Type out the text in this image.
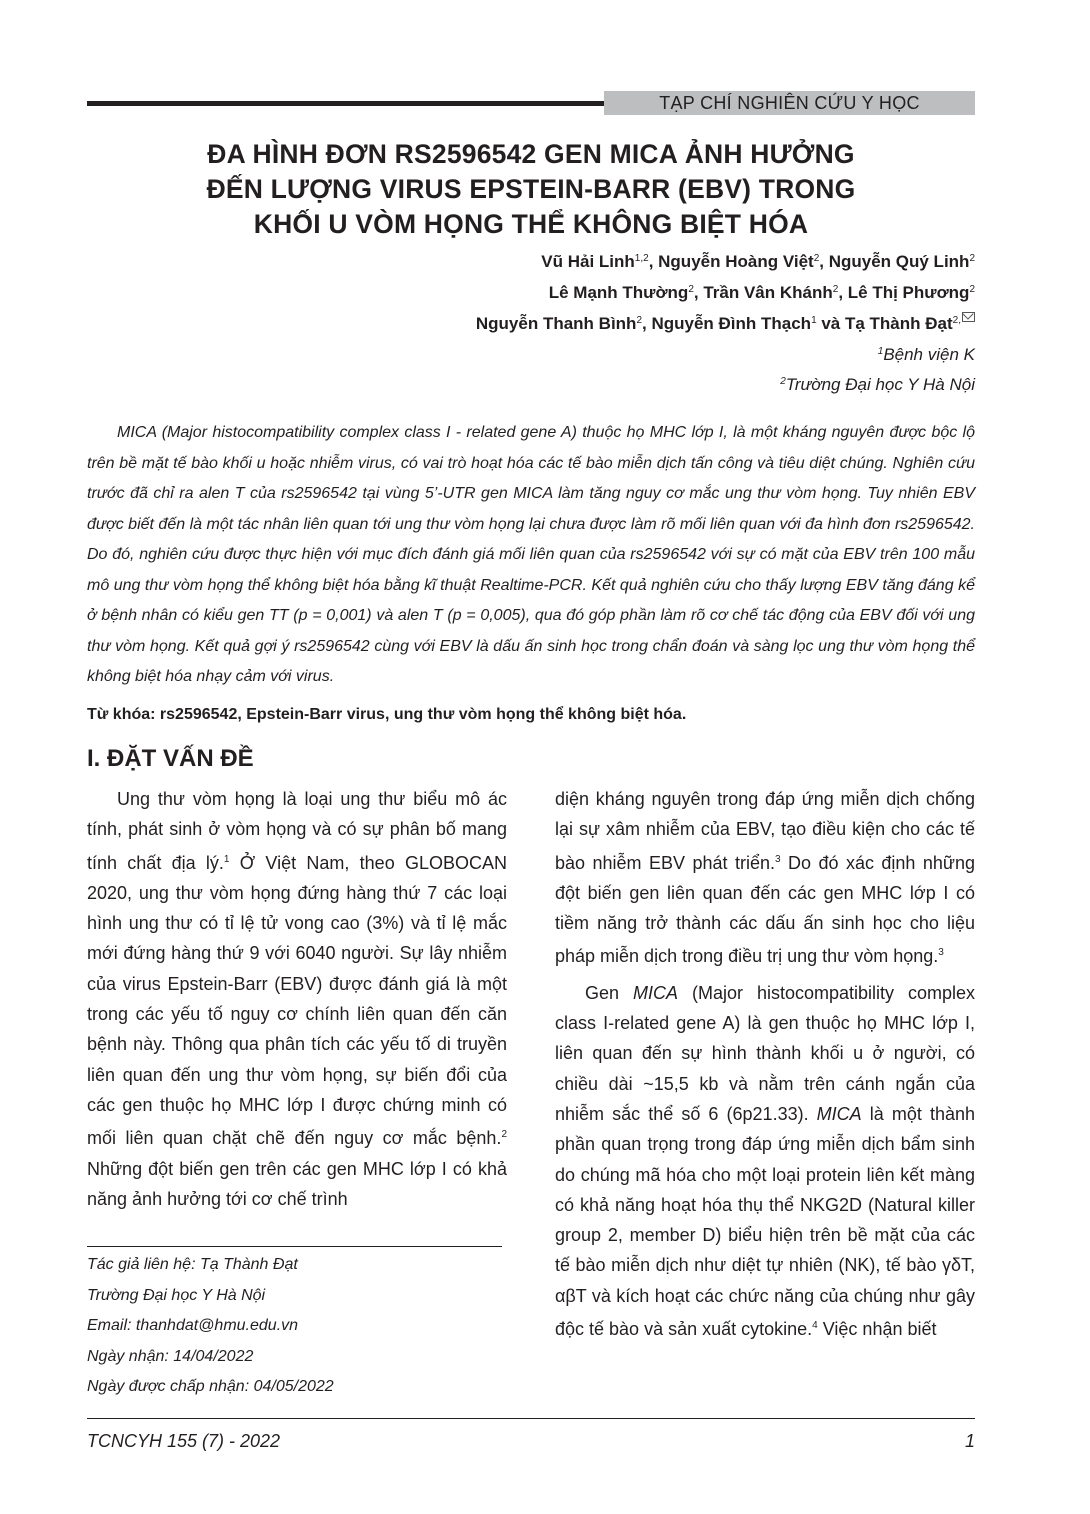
TẠP CHÍ NGHIÊN CỨU Y HỌC
ĐA HÌNH ĐƠN RS2596542 GEN MICA ẢNH HƯỞNG
ĐẾN LƯỢNG VIRUS EPSTEIN-BARR (EBV) TRONG
KHỐI U VÒM HỌNG THỂ KHÔNG BIỆT HÓA
Vũ Hải Linh$^{1,2}$, Nguyễn Hoàng Việt$^2$, Nguyễn Quý Linh$^2$
Lê Mạnh Thường$^2$, Trần Vân Khánh$^2$, Lê Thị Phương$^2$
Nguyễn Thanh Bình$^2$, Nguyễn Đình Thạch$^1$ và Tạ Thành Đạt$^{2,}$
$^1$Bệnh viện K
$^2$Trường Đại học Y Hà Nội

MICA (Major histocompatibility complex class I - related gene A) thuộc họ MHC lớp I, là một kháng nguyên được bộc lộ trên bề mặt tế bào khối u hoặc nhiễm virus, có vai trò hoạt hóa các tế bào miễn dịch tấn công và tiêu diệt chúng. Nghiên cứu trước đã chỉ ra alen T của rs2596542 tại vùng 5’-UTR gen MICA làm tăng nguy cơ mắc ung thư vòm họng. Tuy nhiên EBV được biết đến là một tác nhân liên quan tới ung thư vòm họng lại chưa được làm rõ mối liên quan với đa hình đơn rs2596542. Do đó, nghiên cứu được thực hiện với mục đích đánh giá mối liên quan của rs2596542 với sự có mặt của EBV trên 100 mẫu mô ung thư vòm họng thể không biệt hóa bằng kĩ thuật Realtime-PCR. Kết quả nghiên cứu cho thấy lượng EBV tăng đáng kể ở bệnh nhân có kiểu gen TT (p = 0,001) và alen T (p = 0,005), qua đó góp phần làm rõ cơ chế tác động của EBV đối với ung thư vòm họng. Kết quả gợi ý rs2596542 cùng với EBV là dấu ấn sinh học trong chẩn đoán và sàng lọc ung thư vòm họng thể không biệt hóa nhạy cảm với virus.

Từ khóa: rs2596542, Epstein-Barr virus, ung thư vòm họng thể không biệt hóa.
I. ĐẶT VẤN ĐỀ

Ung thư vòm họng là loại ung thư biểu mô ác tính, phát sinh ở vòm họng và có sự phân bố mang tính chất địa lý.$^1$ Ở Việt Nam, theo GLOBOCAN 2020, ung thư vòm họng đứng hàng thứ 7 các loại hình ung thư có tỉ lệ tử vong cao (3%) và tỉ lệ mắc mới đứng hàng thứ 9 với 6040 người. Sự lây nhiễm của virus Epstein-Barr (EBV) được đánh giá là một trong các yếu tố nguy cơ chính liên quan đến căn bệnh này. Thông qua phân tích các yếu tố di truyền liên quan đến ung thư vòm họng, sự biến đổi của các gen thuộc họ MHC lớp I được chứng minh có mối liên quan chặt chẽ đến nguy cơ mắc bệnh.$^2$ Những đột biến gen trên các gen MHC lớp I có khả năng ảnh hưởng tới cơ chế trình

Tác giả liên hệ: Tạ Thành Đạt
Trường Đại học Y Hà Nội
Email: thanhdat@hmu.edu.vn
Ngày nhận: 14/04/2022
Ngày được chấp nhận: 04/05/2022

diện kháng nguyên trong đáp ứng miễn dịch chống lại sự xâm nhiễm của EBV, tạo điều kiện cho các tế bào nhiễm EBV phát triển.$^3$ Do đó xác định những đột biến gen liên quan đến các gen MHC lớp I có tiềm năng trở thành các dấu ấn sinh học cho liệu pháp miễn dịch trong điều trị ung thư vòm họng.$^3$

Gen MICA (Major histocompatibility complex class I-related gene A) là gen thuộc họ MHC lớp I, liên quan đến sự hình thành khối u ở người, có chiều dài ~15,5 kb và nằm trên cánh ngắn của nhiễm sắc thể số 6 (6p21.33). MICA là một thành phần quan trọng trong đáp ứng miễn dịch bẩm sinh do chúng mã hóa cho một loại protein liên kết màng có khả năng hoạt hóa thụ thể NKG2D (Natural killer group 2, member D) biểu hiện trên bề mặt của các tế bào miễn dịch như diệt tự nhiên (NK), tế bào γδT, αβT và kích hoạt các chức năng của chúng như gây độc tế bào và sản xuất cytokine.$^4$ Việc nhận biết

TCNCYH 155 (7) - 2022	1
